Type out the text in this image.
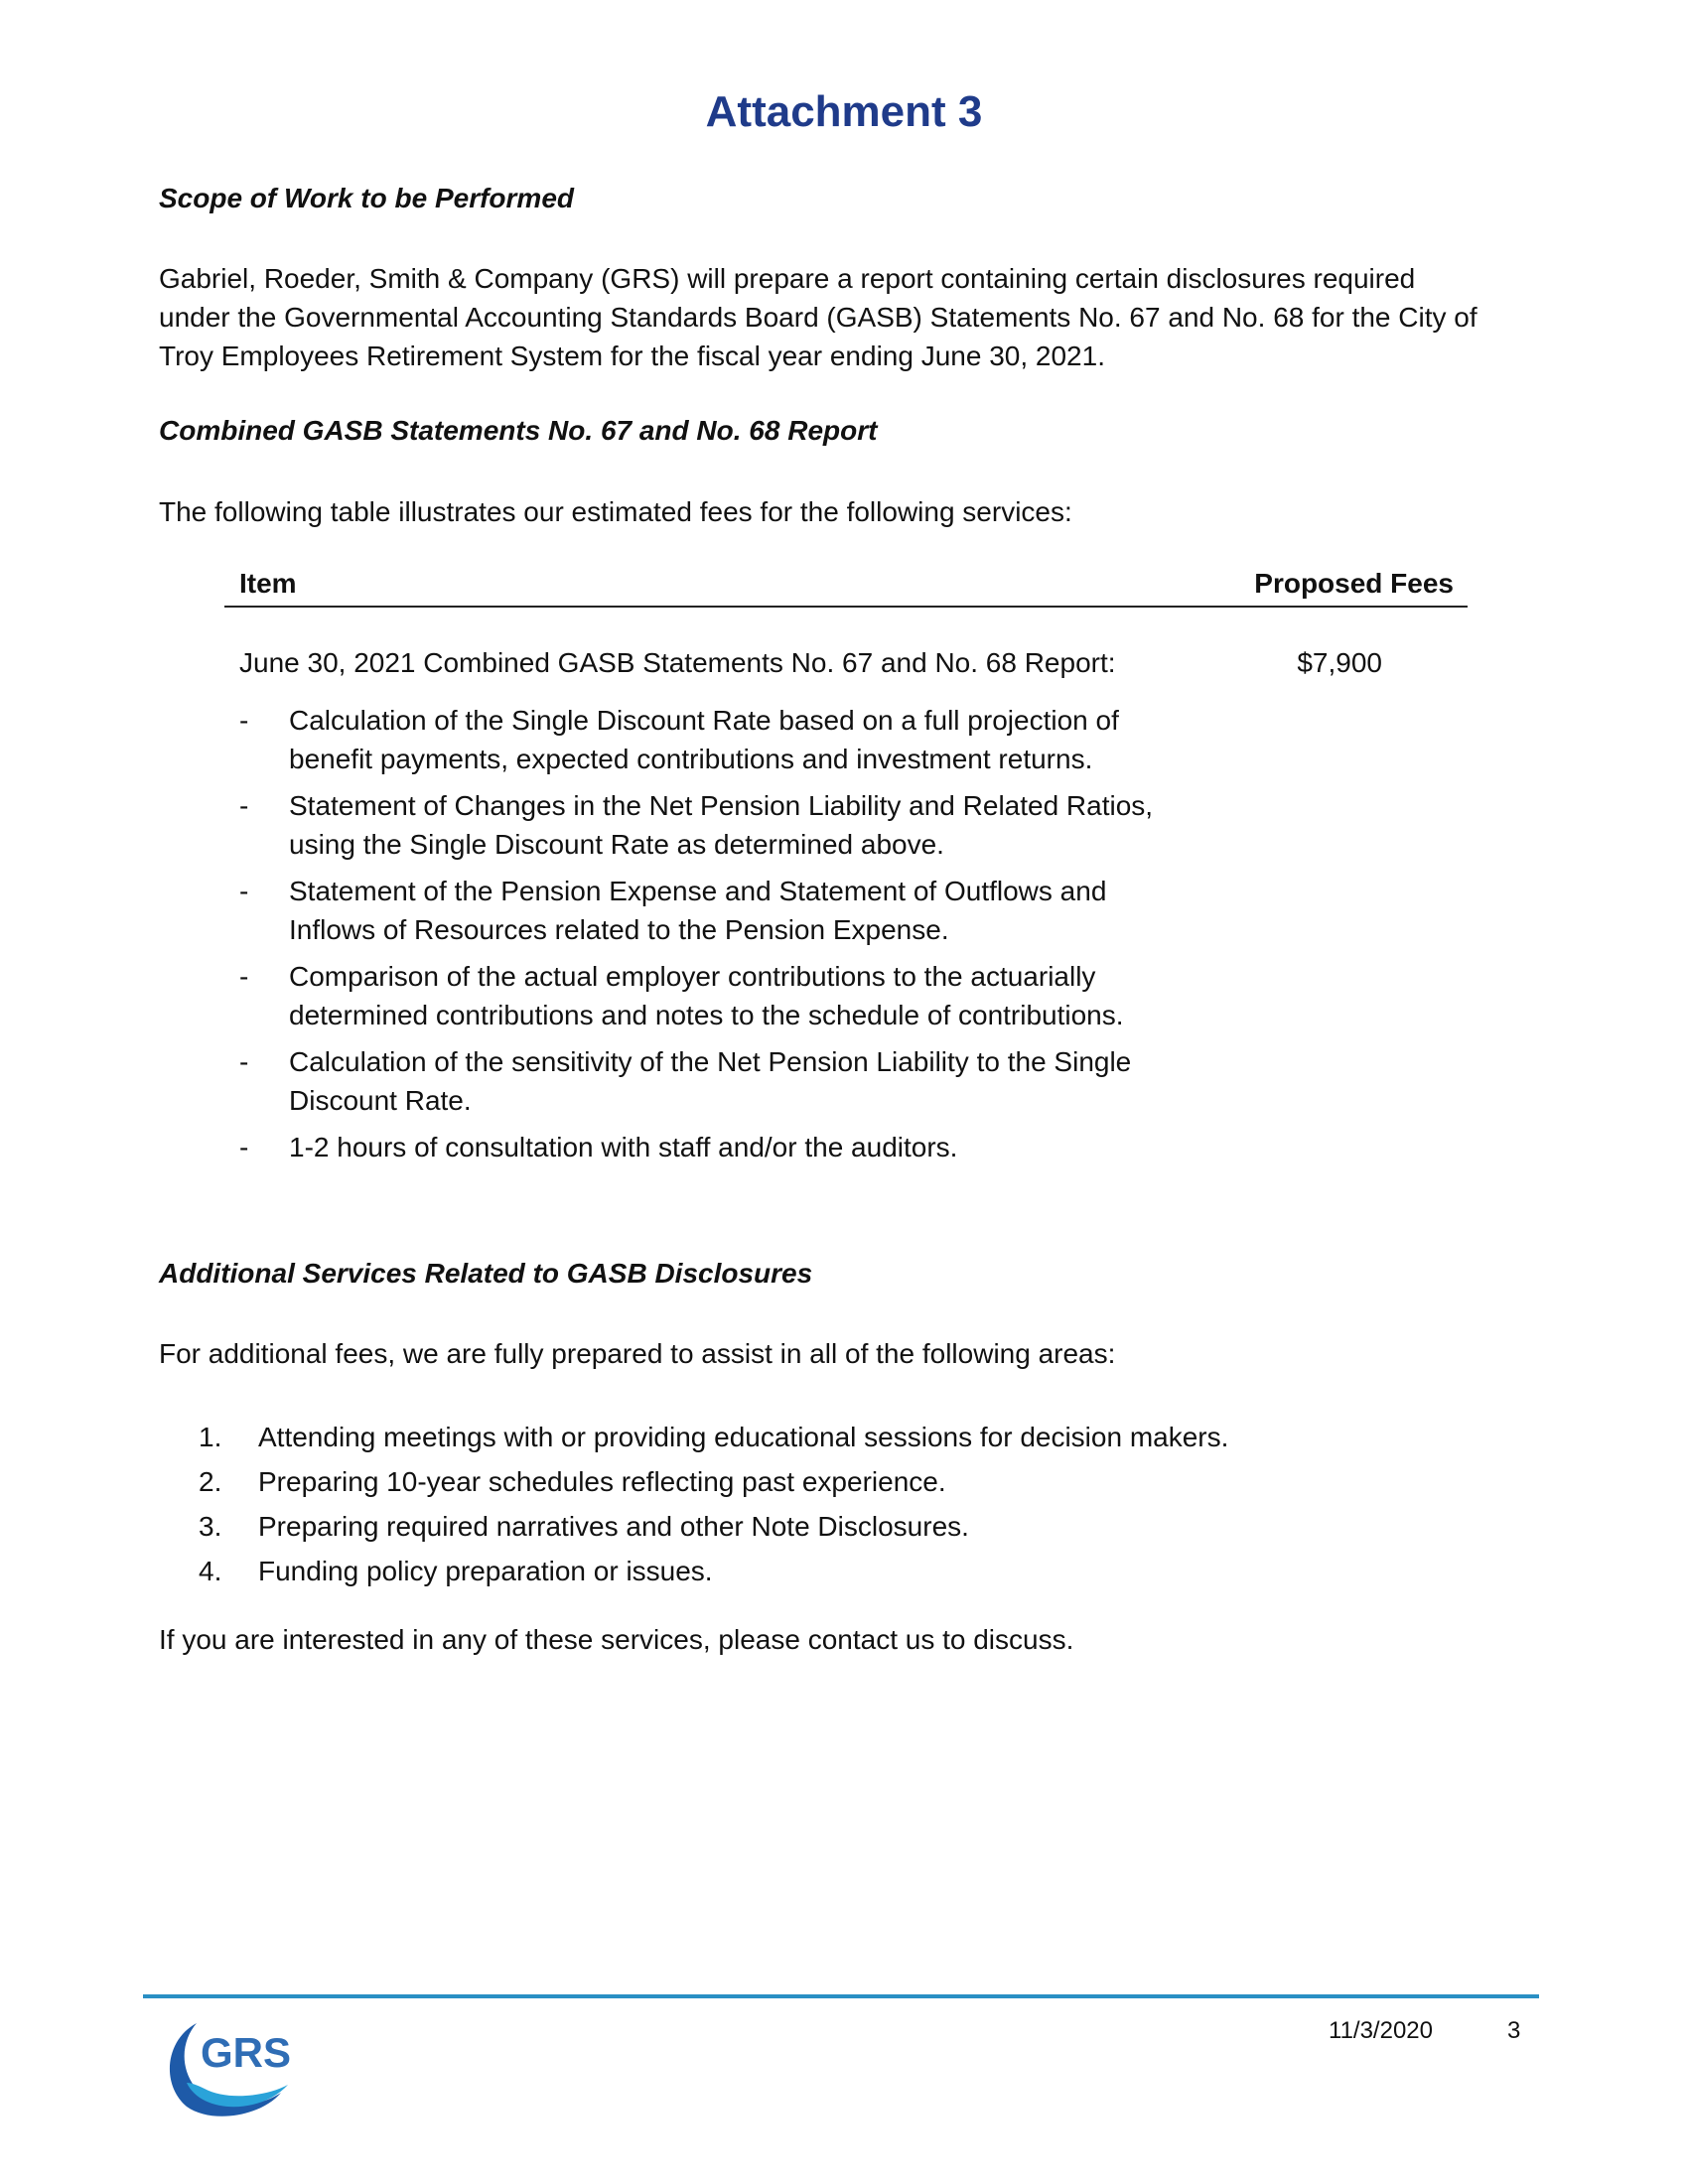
Attachment 3
Scope of Work to be Performed
Gabriel, Roeder, Smith & Company (GRS) will prepare a report containing certain disclosures required under the Governmental Accounting Standards Board (GASB) Statements No. 67 and No. 68 for the City of Troy Employees Retirement System for the fiscal year ending June 30, 2021.
Combined GASB Statements No. 67 and No. 68 Report
The following table illustrates our estimated fees for the following services:
Item	Proposed Fees
June 30, 2021 Combined GASB Statements No. 67 and No. 68 Report:	$7,900
- Calculation of the Single Discount Rate based on a full projection of benefit payments, expected contributions and investment returns.
- Statement of Changes in the Net Pension Liability and Related Ratios, using the Single Discount Rate as determined above.
- Statement of the Pension Expense and Statement of Outflows and Inflows of Resources related to the Pension Expense.
- Comparison of the actual employer contributions to the actuarially determined contributions and notes to the schedule of contributions.
- Calculation of the sensitivity of the Net Pension Liability to the Single Discount Rate.
- 1-2 hours of consultation with staff and/or the auditors.
Additional Services Related to GASB Disclosures
For additional fees, we are fully prepared to assist in all of the following areas:
1.	Attending meetings with or providing educational sessions for decision makers.
2.	Preparing 10-year schedules reflecting past experience.
3.	Preparing required narratives and other Note Disclosures.
4.	Funding policy preparation or issues.
If you are interested in any of these services, please contact us to discuss.
GRS	11/3/2020	3
